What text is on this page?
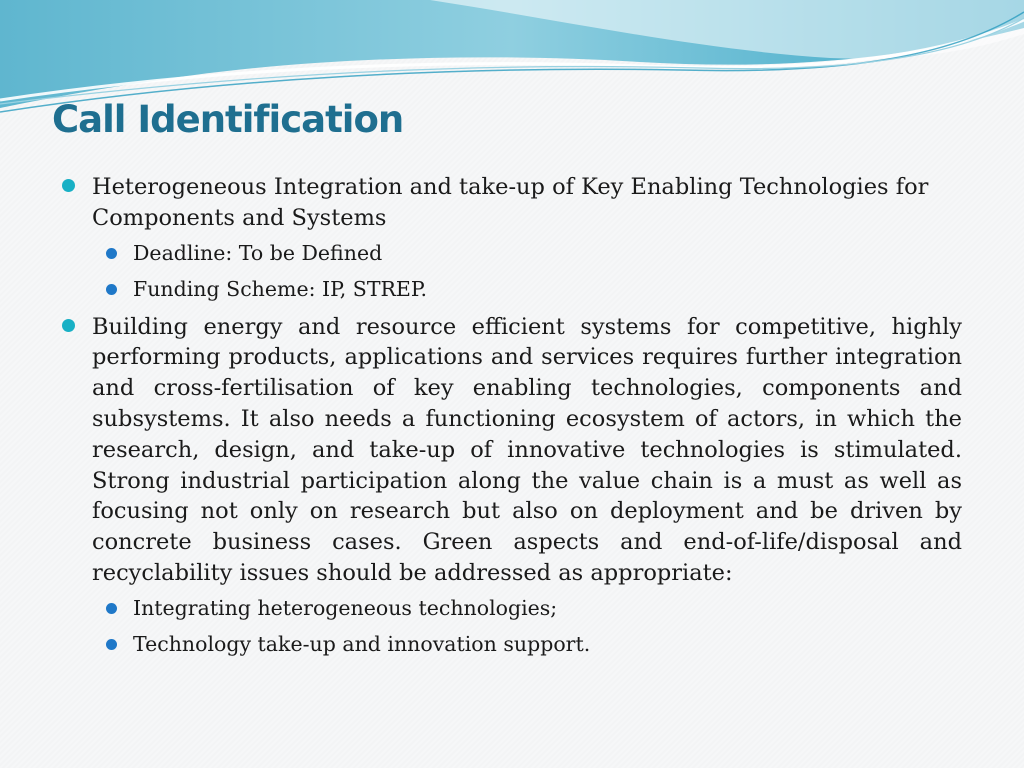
Call Identification
Heterogeneous Integration and take-up of Key Enabling Technologies for Components and Systems
Deadline: To be Defined
Funding Scheme: IP, STREP.
Building energy and resource efficient systems for competitive, highly performing products, applications and services requires further integration and cross-fertilisation of key enabling technologies, components and subsystems. It also needs a functioning ecosystem of actors, in which the research, design, and take-up of innovative technologies is stimulated. Strong industrial participation along the value chain is a must as well as focusing not only on research but also on deployment and be driven by concrete business cases. Green aspects and end-of-life/disposal and recyclability issues should be addressed as appropriate:
Integrating heterogeneous technologies;
Technology take-up and innovation support.
